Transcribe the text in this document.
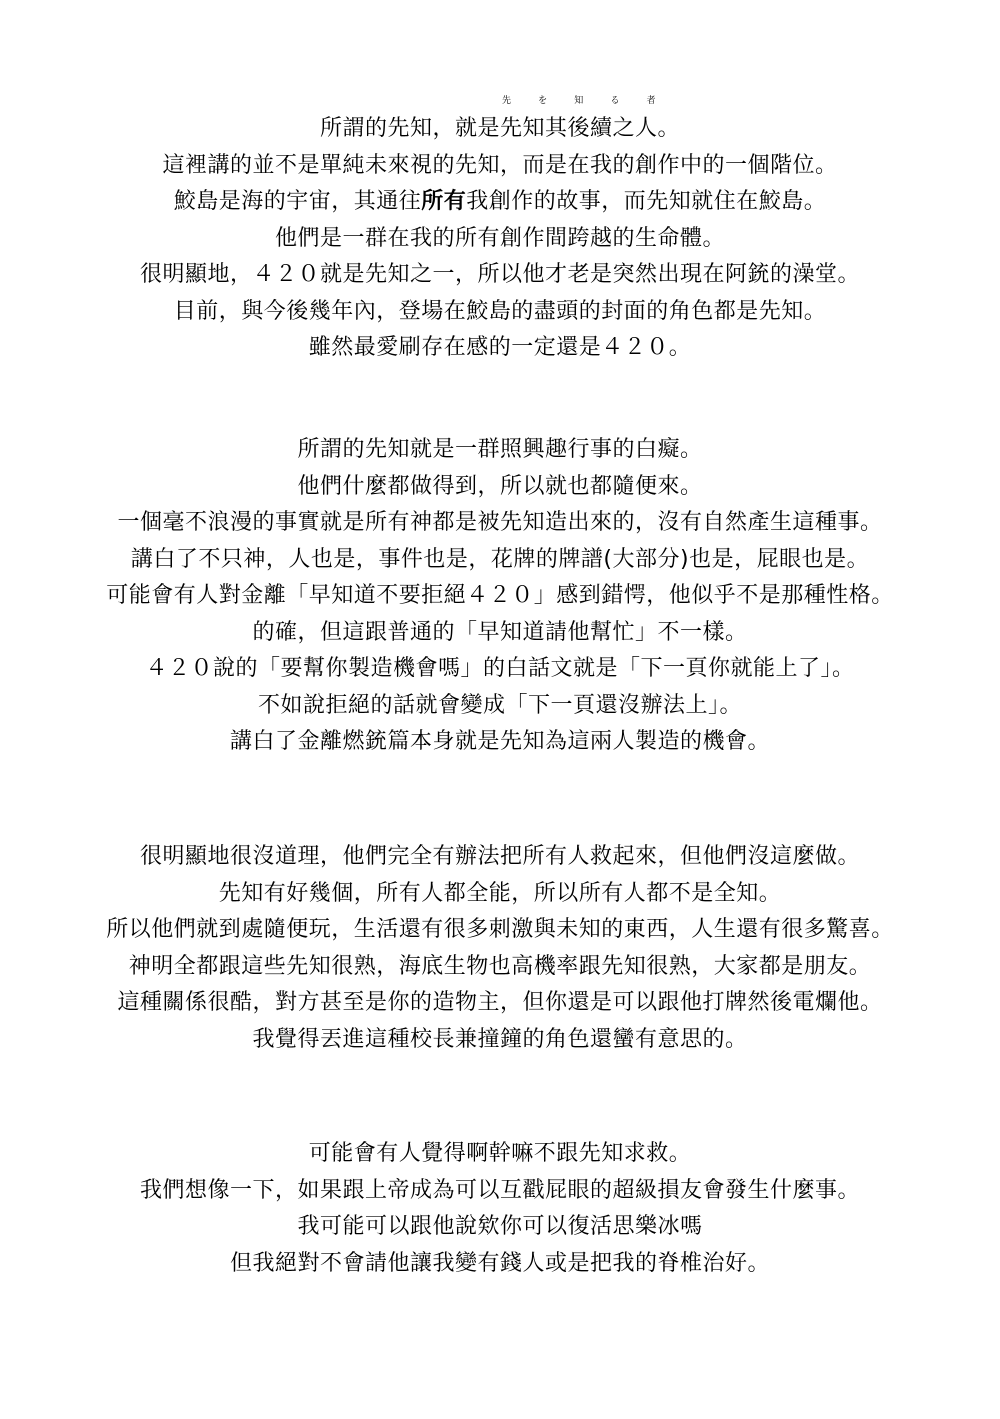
所謂的先知，就是
先	を	知	る	者
先知其後續之人。
這裡講的並不是單純未來視的先知，而是在我的創作中的一個階位。
鮫島是海的宇宙，其通往所有我創作的故事，而先知就住在鮫島。
他們是一群在我的所有創作間跨越的生命體。
很明顯地，４２０就是先知之一，所以他才老是突然出現在阿銃的澡堂。
目前，與今後幾年內，登場在鮫島的盡頭的封面的角色都是先知。
雖然最愛刷存在感的一定還是４２０。
所謂的先知就是一群照興趣行事的白癡。
他們什麼都做得到，所以就也都隨便來。
一個毫不浪漫的事實就是所有神都是被先知造出來的，沒有自然產生這種事。
講白了不只神，人也是，事件也是，花牌的牌譜(大部分)也是，屁眼也是。
可能會有人對金離「早知道不要拒絕４２０」感到錯愕，他似乎不是那種性格。
的確，但這跟普通的「早知道請他幫忙」不一樣。
４２０說的「要幫你製造機會嗎」的白話文就是「下一頁你就能上了」。
不如說拒絕的話就會變成「下一頁還沒辦法上」。
講白了金離燃銃篇本身就是先知為這兩人製造的機會。
很明顯地很沒道理，他們完全有辦法把所有人救起來，但他們沒這麼做。
先知有好幾個，所有人都全能，所以所有人都不是全知。
所以他們就到處隨便玩，生活還有很多刺激與未知的東西，人生還有很多驚喜。
神明全都跟這些先知很熟，海底生物也高機率跟先知很熟，大家都是朋友。
這種關係很酷，對方甚至是你的造物主，但你還是可以跟他打牌然後電爛他。
我覺得丟進這種校長兼撞鐘的角色還蠻有意思的。
可能會有人覺得啊幹嘛不跟先知求救。
我們想像一下，如果跟上帝成為可以互戳屁眼的超級損友會發生什麼事。
我可能可以跟他說欸你可以復活思樂冰嗎
但我絕對不會請他讓我變有錢人或是把我的脊椎治好。
